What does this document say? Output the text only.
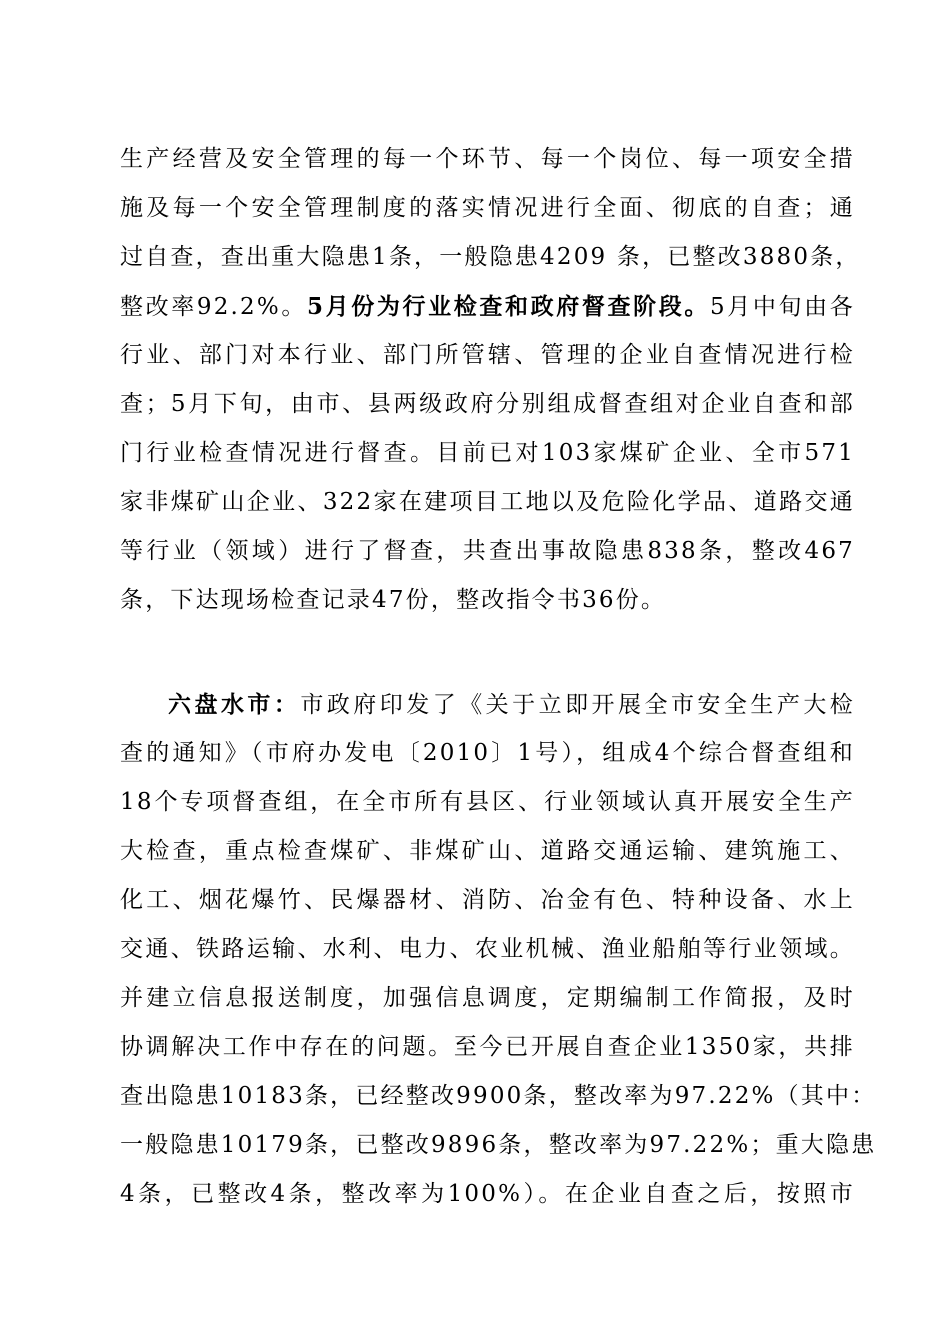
生产经营及安全管理的每一个环节、每一个岗位、每一项安全措
施及每一个安全管理制度的落实情况进行全面、彻底的自查；通
过自查，查出重大隐患1条，一般隐患4209 条，已整改3880条，
整改率92.2%。5月份为行业检查和政府督查阶段。5月中旬由各
行业、部门对本行业、部门所管辖、管理的企业自查情况进行检
查；5月下旬，由市、县两级政府分别组成督查组对企业自查和部
门行业检查情况进行督查。目前已对103家煤矿企业、全市571
家非煤矿山企业、322家在建项目工地以及危险化学品、道路交通
等行业（领域）进行了督查，共查出事故隐患838条，整改467
条，下达现场检查记录47份，整改指令书36份。
六盘水市：市政府印发了《关于立即开展全市安全生产大检
查的通知》（市府办发电〔2010〕1号），组成4个综合督查组和
18个专项督查组，在全市所有县区、行业领域认真开展安全生产
大检查，重点检查煤矿、非煤矿山、道路交通运输、建筑施工、
化工、烟花爆竹、民爆器材、消防、冶金有色、特种设备、水上
交通、铁路运输、水利、电力、农业机械、渔业船舶等行业领域。
并建立信息报送制度，加强信息调度，定期编制工作简报，及时
协调解决工作中存在的问题。至今已开展自查企业1350家，共排
查出隐患10183条，已经整改9900条，整改率为97.22%（其中：
一般隐患10179条，已整改9896条，整改率为97.22%；重大隐患
4条，已整改4条，整改率为100%）。在企业自查之后，按照市
